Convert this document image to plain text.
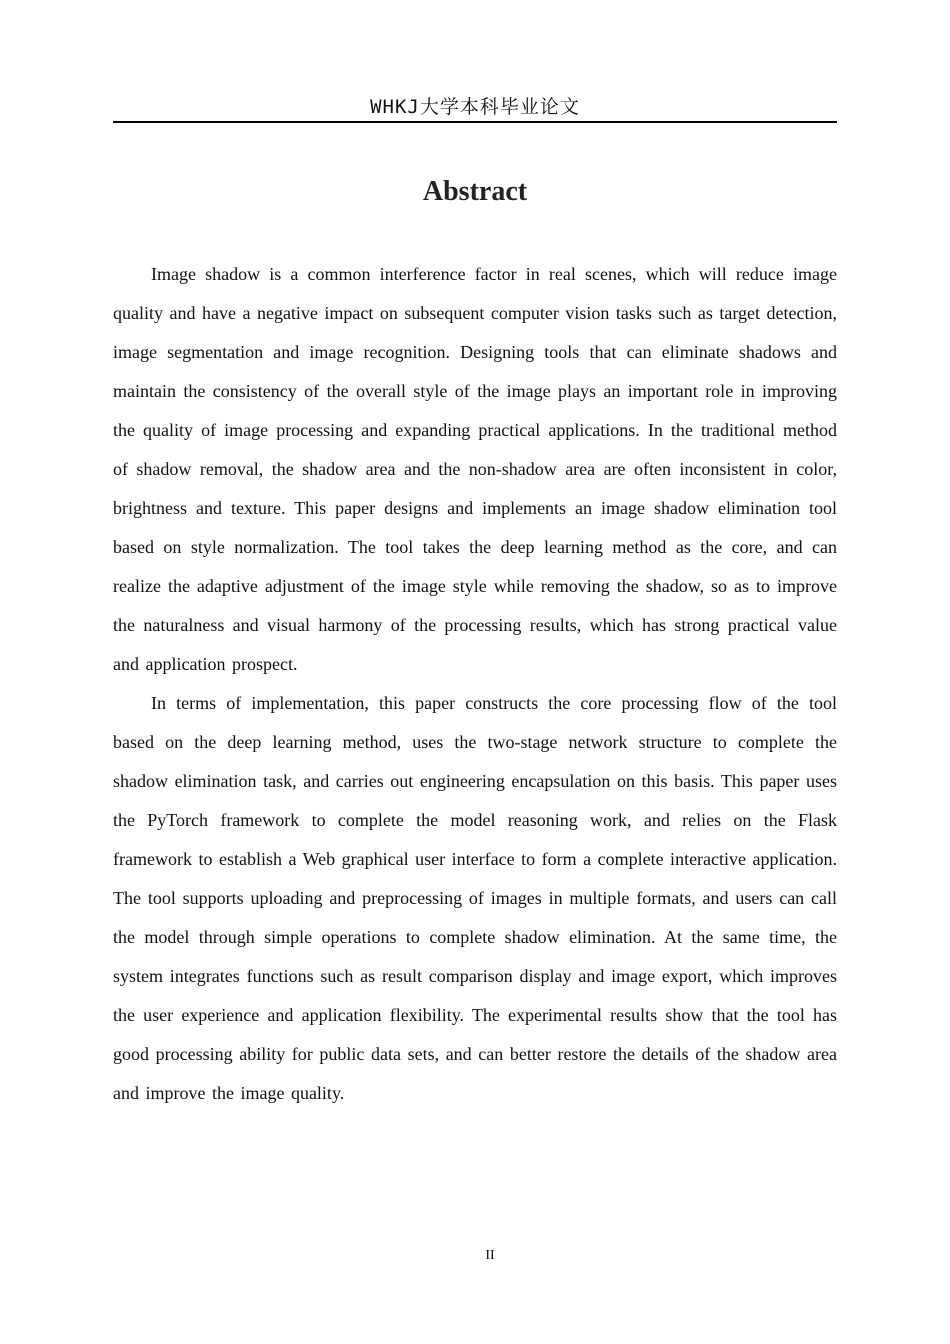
WHKJ大学本科毕业论文
Abstract

Image shadow is a common interference factor in real scenes, which will reduce image quality and have a negative impact on subsequent computer vision tasks such as target detection, image segmentation and image recognition. Designing tools that can eliminate shadows and maintain the consistency of the overall style of the image plays an important role in improving the quality of image processing and expanding practical applications. In the traditional method of shadow removal, the shadow area and the non-shadow area are often inconsistent in color, brightness and texture. This paper designs and implements an image shadow elimination tool based on style normalization. The tool takes the deep learning method as the core, and can realize the adaptive adjustment of the image style while removing the shadow, so as to improve the naturalness and visual harmony of the processing results, which has strong practical value and application prospect.

In terms of implementation, this paper constructs the core processing flow of the tool based on the deep learning method, uses the two-stage network structure to complete the shadow elimination task, and carries out engineering encapsulation on this basis. This paper uses the PyTorch framework to complete the model reasoning work, and relies on the Flask framework to establish a Web graphical user interface to form a complete interactive application. The tool supports uploading and preprocessing of images in multiple formats, and users can call the model through simple operations to complete shadow elimination. At the same time, the system integrates functions such as result comparison display and image export, which improves the user experience and application flexibility. The experimental results show that the tool has good processing ability for public data sets, and can better restore the details of the shadow area and improve the image quality.

II
